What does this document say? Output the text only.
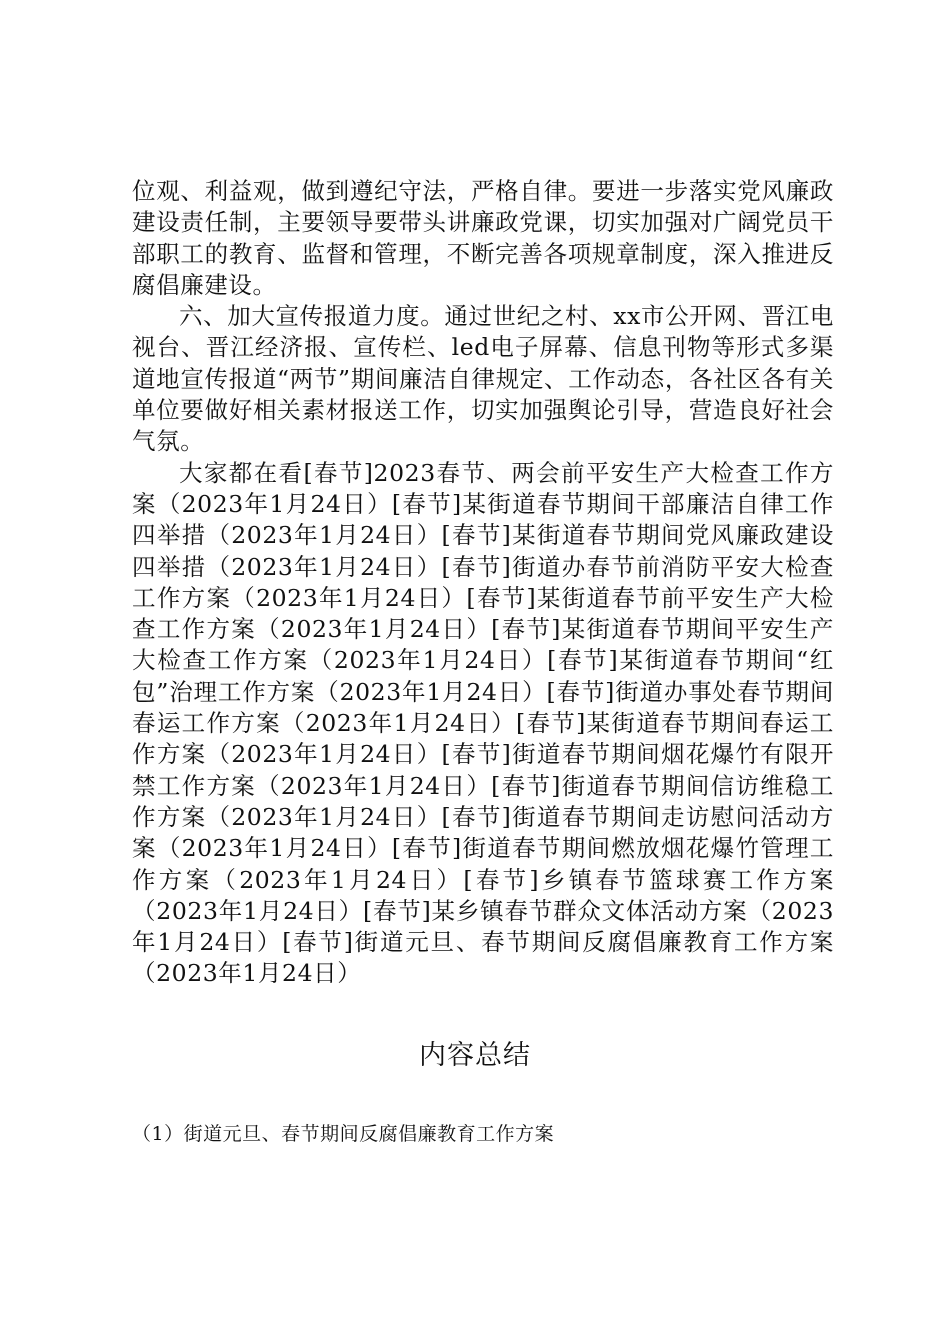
位观、利益观，做到遵纪守法，严格自律。要进一步落实党风廉政建设责任制，主要领导要带头讲廉政党课，切实加强对广阔党员干部职工的教育、监督和管理，不断完善各项规章制度，深入推进反腐倡廉建设。

六、加大宣传报道力度。通过世纪之村、xx市公开网、晋江电视台、晋江经济报、宣传栏、led电子屏幕、信息刊物等形式多渠道地宣传报道“两节”期间廉洁自律规定、工作动态，各社区各有关单位要做好相关素材报送工作，切实加强舆论引导，营造良好社会气氛。

大家都在看[春节]2023春节、两会前平安生产大检查工作方案（2023年1月24日）[春节]某街道春节期间干部廉洁自律工作四举措（2023年1月24日）[春节]某街道春节期间党风廉政建设四举措（2023年1月24日）[春节]街道办春节前消防平安大检查工作方案（2023年1月24日）[春节]某街道春节前平安生产大检查工作方案（2023年1月24日）[春节]某街道春节期间平安生产大检查工作方案（2023年1月24日）[春节]某街道春节期间“红包”治理工作方案（2023年1月24日）[春节]街道办事处春节期间春运工作方案（2023年1月24日）[春节]某街道春节期间春运工作方案（2023年1月24日）[春节]街道春节期间烟花爆竹有限开禁工作方案（2023年1月24日）[春节]街道春节期间信访维稳工作方案（2023年1月24日）[春节]街道春节期间走访慰问活动方案（2023年1月24日）[春节]街道春节期间燃放烟花爆竹管理工作方案（2023年1月24日）[春节]乡镇春节篮球赛工作方案（2023年1月24日）[春节]某乡镇春节群众文体活动方案（2023年1月24日）[春节]街道元旦、春节期间反腐倡廉教育工作方案（2023年1月24日）

内容总结

（1）街道元旦、春节期间反腐倡廉教育工作方案
